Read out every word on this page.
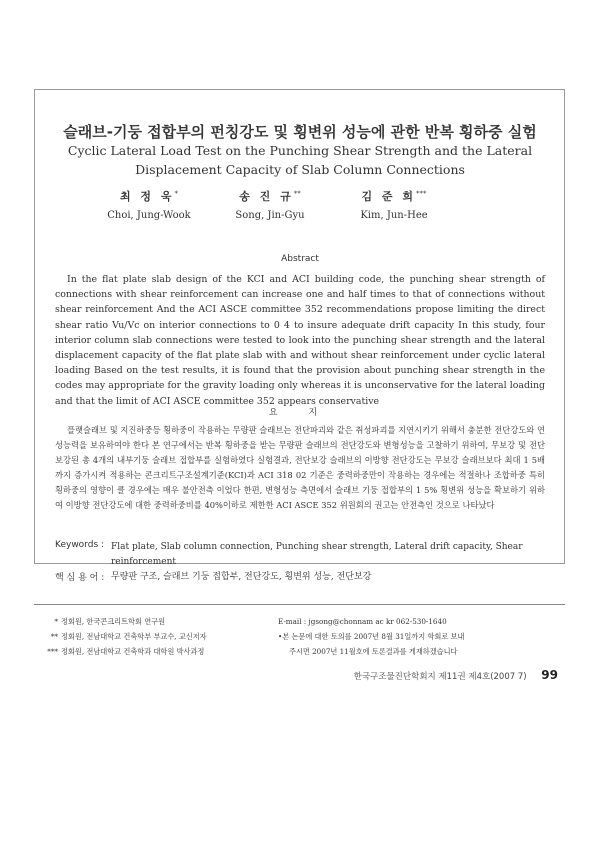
슬래브-기둥 접합부의 펀칭강도 및 횡변위 성능에 관한 반복 횡하중 실험
Cyclic Lateral Load Test on the Punching Shear Strength and the Lateral
Displacement Capacity of Slab Column Connections
최 정 욱*
Choi, Jung-Wook
송 진 규**
Song, Jin-Gyu
김 준 희***
Kim, Jun-Hee
Abstract

In the flat plate slab design of the KCI and ACI building code, the punching shear strength of connections with shear reinforcement can increase one and half times to that of connections without shear reinforcement And the ACI ASCE committee 352 recommendations propose limiting the direct shear ratio Vu/Vc on interior connections to 0 4 to insure adequate drift capacity In this study, four interior column slab connections were tested to look into the punching shear strength and the lateral displacement capacity of the flat plate slab with and without shear reinforcement under cyclic lateral loading Based on the test results, it is found that the provision about punching shear strength in the codes may appropriate for the gravity loading only whereas it is unconservative for the lateral loading and that the limit of ACI ASCE committee 352 appears conservative

요 지

플랫슬래브 및 지진하중등 횡하중이 작용하는 무량판 슬래브는 전단파괴와 같은 취성파괴를 지연시키기 위해서 충분한 전단강도와 연성능력을 보유하여야 한다 본 연구에서는 반복 횡하중을 받는 무량판 슬래브의 전단강도와 변형성능을 고찰하기 위하여, 무보강 및 전단 보강된 총 4개의 내부기둥 슬래브 접합부를 실험하였다 실험결과, 전단보강 슬래브의 이방향 전단강도는 무보강 슬래브보다 최대 1 5배까지 증가시켜 적용하는 콘크리트구조설계기준(KCI)과 ACI 318 02 기준은 중력하중만이 작용하는 경우에는 적절하나 조합하중 특히 횡하중의 영향이 클 경우에는 매우 불안전측 이었다 한편, 변형성능 측면에서 슬래브 기둥 접합부의 1 5% 횡변위 성능을 확보하기 위하여 이방향 전단강도에 대한 중력하중비를 40%이하로 제한한 ACI ASCE 352 위원회의 권고는 안전측인 것으로 나타났다

Keywords : Flat plate, Slab column connection, Punching shear strength, Lateral drift capacity, Shear reinforcement
핵 심 용 어 : 무량판 구조, 슬래브 기둥 접합부, 전단강도, 횡변위 성능, 전단보강
* 정회원, 한국콘크리트학회 연구원
** 정회원, 전남대학교 건축학부 부교수, 교신저자
*** 정회원, 전남대학교 건축학과 대학원 박사과정
E-mail : jgsong@chonnam ac kr 062-530-1640
•본 논문에 대한 토의를 2007년 8월 31일까지 학회로 보내
주시면 2007년 11월호에 토론결과를 게재하겠습니다
한국구조물진단학회지 제11권 제4호(2007 7) 99
